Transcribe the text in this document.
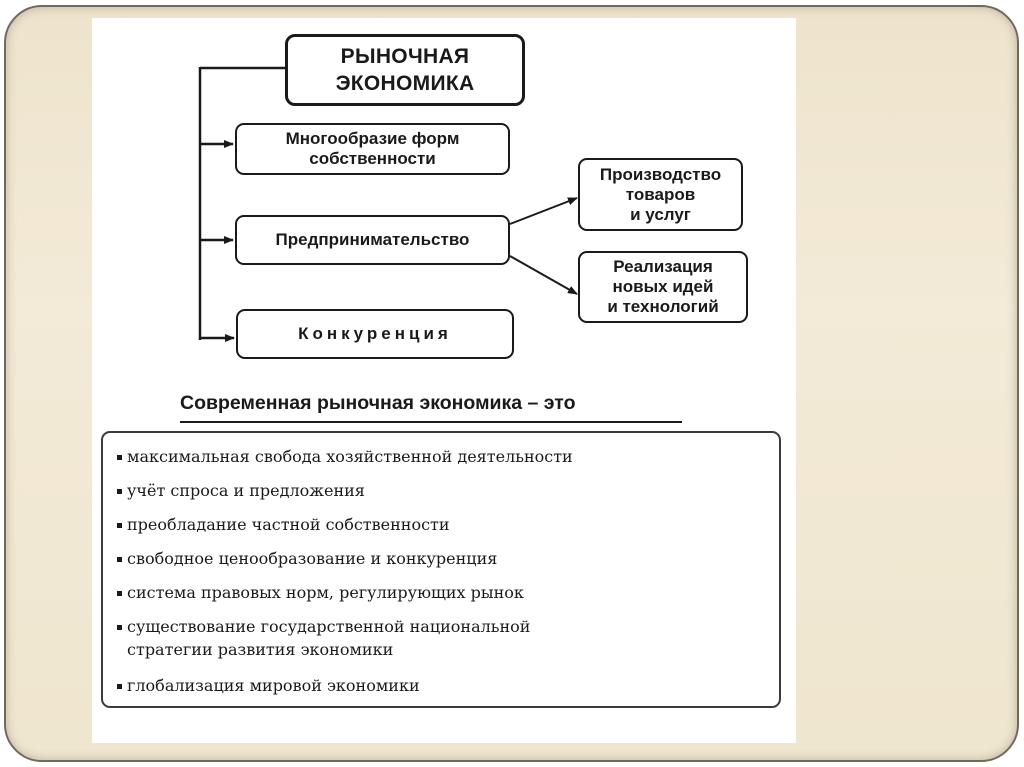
РЫНОЧНАЯ
ЭКОНОМИКА
Многообразие форм
собственности
Предпринимательство
Конкуренция
Производство
товаров
и услуг
Реализация
новых идей
и технологий
Современная рыночная экономика – это
максимальная свобода хозяйственной деятельности
учёт спроса и предложения
преобладание частной собственности
свободное ценообразование и конкуренция
система правовых норм, регулирующих рынок
существование государственной национальной
стратегии развития экономики
глобализация мировой экономики
